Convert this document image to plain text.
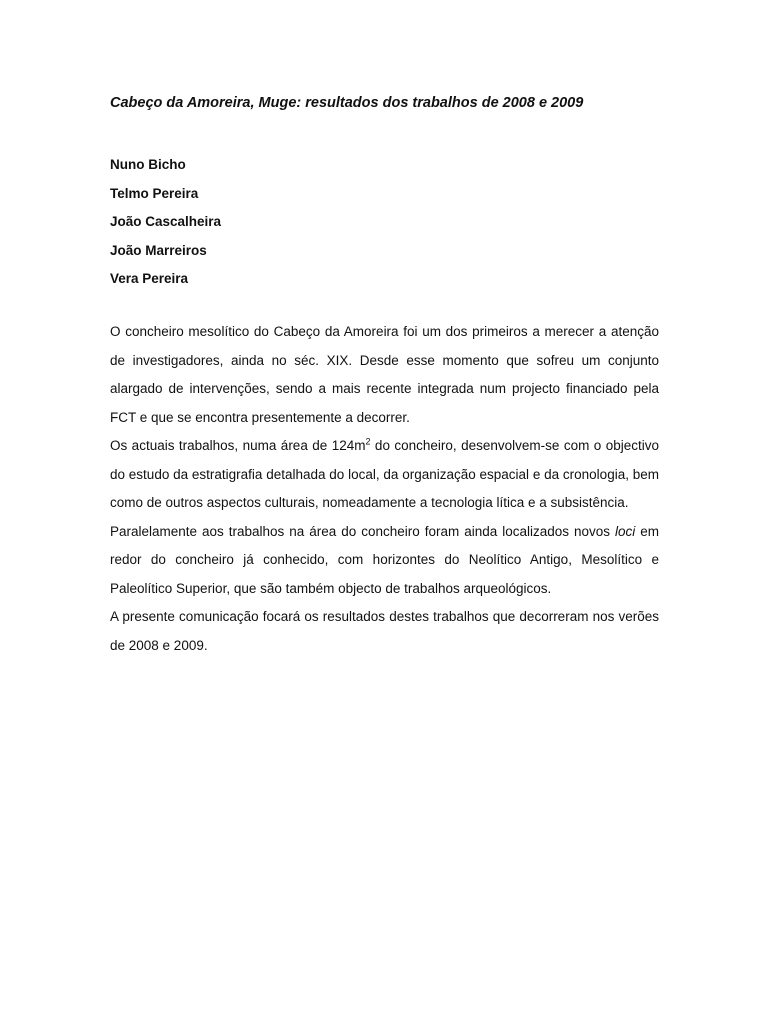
Cabeço da Amoreira, Muge: resultados dos trabalhos de 2008 e 2009
Nuno Bicho
Telmo Pereira
João Cascalheira
João Marreiros
Vera Pereira

O concheiro mesolítico do Cabeço da Amoreira foi um dos primeiros a merecer a atenção de investigadores, ainda no séc. XIX. Desde esse momento que sofreu um conjunto alargado de intervenções, sendo a mais recente integrada num projecto financiado pela FCT e que se encontra presentemente a decorrer.

Os actuais trabalhos, numa área de $124m^2$ do concheiro, desenvolvem-se com o objectivo do estudo da estratigrafia detalhada do local, da organização espacial e da cronologia, bem como de outros aspectos culturais, nomeadamente a tecnologia lítica e a subsistência.

Paralelamente aos trabalhos na área do concheiro foram ainda localizados novos loci em redor do concheiro já conhecido, com horizontes do Neolítico Antigo, Mesolítico e Paleolítico Superior, que são também objecto de trabalhos arqueológicos.

A presente comunicação focará os resultados destes trabalhos que decorreram nos verões de 2008 e 2009.
